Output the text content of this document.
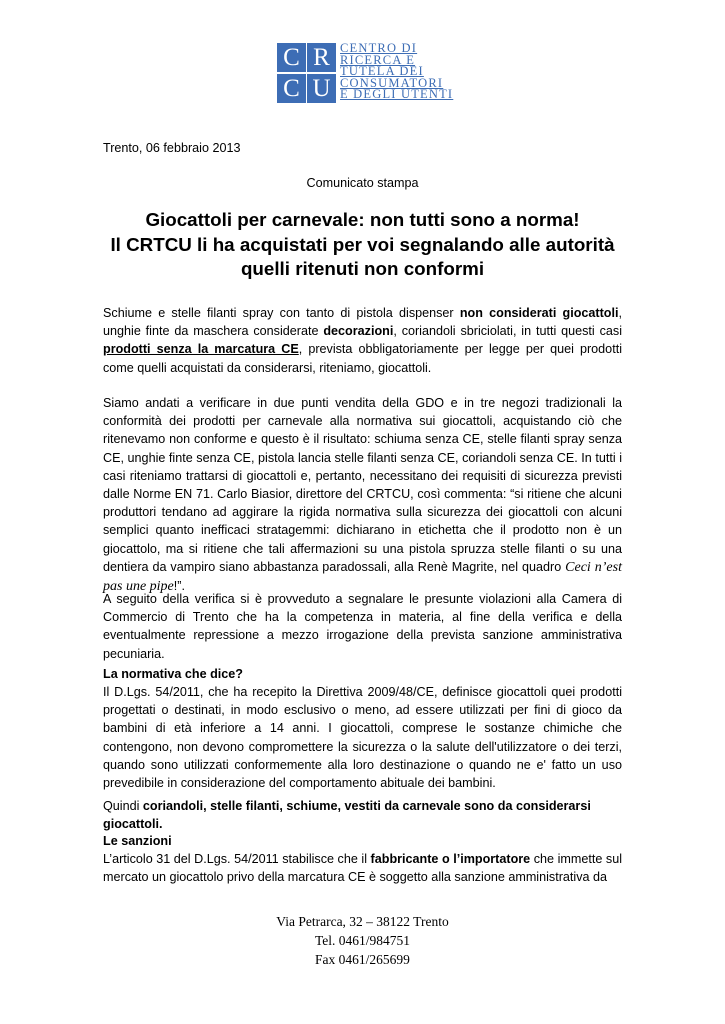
C R
C U
CENTRO DI
RICERCA E
TUTELA DEI
CONSUMATORI
E DEGLI UTENTI
Trento, 06 febbraio 2013
Comunicato stampa
Giocattoli per carnevale: non tutti sono a norma!
Il CRTCU li ha acquistati per voi segnalando alle autorità
quelli ritenuti non conformi
Schiume e stelle filanti spray con tanto di pistola dispenser non considerati giocattoli, unghie finte da maschera considerate decorazioni, coriandoli sbriciolati, in tutti questi casi prodotti senza la marcatura CE, prevista obbligatoriamente per legge per quei prodotti come quelli acquistati da considerarsi, riteniamo, giocattoli.
Siamo andati a verificare in due punti vendita della GDO e in tre negozi tradizionali la conformità dei prodotti per carnevale alla normativa sui giocattoli, acquistando ciò che ritenevamo non conforme e questo è il risultato: schiuma senza CE, stelle filanti spray senza CE, unghie finte senza CE, pistola lancia stelle filanti senza CE, coriandoli senza CE. In tutti i casi riteniamo trattarsi di giocattoli e, pertanto, necessitano dei requisiti di sicurezza previsti dalle Norme EN 71. Carlo Biasior, direttore del CRTCU, così commenta: “si ritiene che alcuni produttori tendano ad aggirare la rigida normativa sulla sicurezza dei giocattoli con alcuni semplici quanto inefficaci stratagemmi: dichiarano in etichetta che il prodotto non è un giocattolo, ma si ritiene che tali affermazioni su una pistola spruzza stelle filanti o su una dentiera da vampiro siano abbastanza paradossali, alla Renè Magrite, nel quadro Ceci n’est pas une pipe!”.
A seguito della verifica si è provveduto a segnalare le presunte violazioni alla Camera di Commercio di Trento che ha la competenza in materia, al fine della verifica e della eventualmente repressione a mezzo irrogazione della prevista sanzione amministrativa pecuniaria.
La normativa che dice?
Il D.Lgs. 54/2011, che ha recepito la Direttiva 2009/48/CE, definisce giocattoli quei prodotti progettati o destinati, in modo esclusivo o meno, ad essere utilizzati per fini di gioco da bambini di età inferiore a 14 anni. I giocattoli, comprese le sostanze chimiche che contengono, non devono compromettere la sicurezza o la salute dell'utilizzatore o dei terzi, quando sono utilizzati conformemente alla loro destinazione o quando ne e' fatto un uso prevedibile in considerazione del comportamento abituale dei bambini.
Quindi coriandoli, stelle filanti, schiume, vestiti da carnevale sono da considerarsi giocattoli.
Le sanzioni
L’articolo 31 del D.Lgs. 54/2011 stabilisce che il fabbricante o l’importatore che immette sul mercato un giocattolo privo della marcatura CE è soggetto alla sanzione amministrativa da
Via Petrarca, 32 – 38122 Trento
Tel. 0461/984751
Fax 0461/265699
